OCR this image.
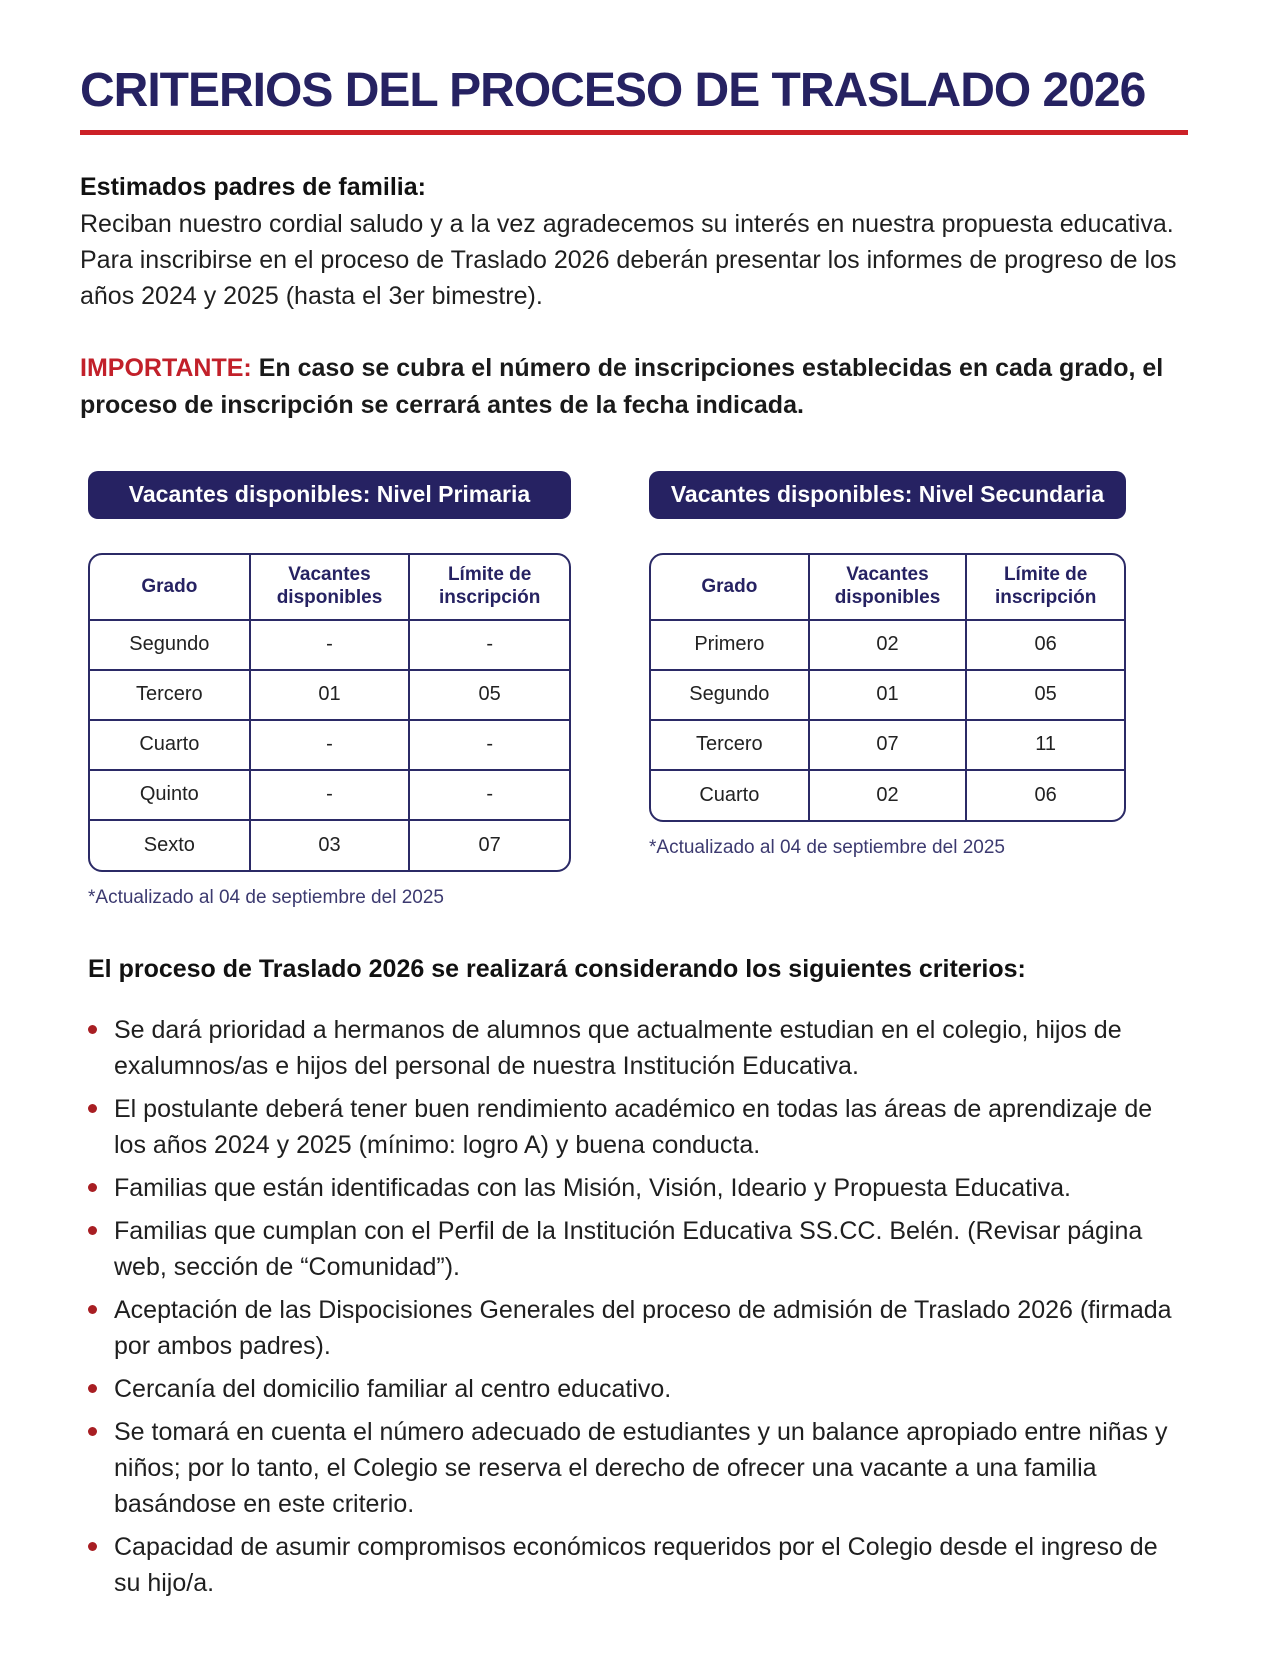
CRITERIOS DEL PROCESO DE TRASLADO 2026

Estimados padres de familia:

Reciban nuestro cordial saludo y a la vez agradecemos su interés en nuestra propuesta educativa.

Para inscribirse en el proceso de Traslado 2026 deberán presentar los informes de progreso de los años 2024 y 2025 (hasta el 3er bimestre).

IMPORTANTE: En caso se cubra el número de inscripciones establecidas en cada grado, el proceso de inscripción se cerrará antes de la fecha indicada.

Vacantes disponibles: Nivel Primaria
Grado	Vacantes disponibles	Límite de inscripción
Segundo	-	-
Tercero	01	05
Cuarto	-	-
Quinto	-	-
Sexto	03	07

*Actualizado al 04 de septiembre del 2025

Vacantes disponibles: Nivel Secundaria
Grado	Vacantes disponibles	Límite de inscripción
Primero	02	06
Segundo	01	05
Tercero	07	11
Cuarto	02	06

*Actualizado al 04 de septiembre del 2025

El proceso de Traslado 2026 se realizará considerando los siguientes criterios:
Se dará prioridad a hermanos de alumnos que actualmente estudian en el colegio, hijos de exalumnos/as e hijos del personal de nuestra Institución Educativa.
El postulante deberá tener buen rendimiento académico en todas las áreas de aprendizaje de los años 2024 y 2025 (mínimo: logro A) y buena conducta.
Familias que están identificadas con las Misión, Visión, Ideario y Propuesta Educativa.
Familias que cumplan con el Perfil de la Institución Educativa SS.CC. Belén. (Revisar página web, sección de “Comunidad”).
Aceptación de las Dispocisiones Generales del proceso de admisión de Traslado 2026 (firmada por ambos padres).
Cercanía del domicilio familiar al centro educativo.
Se tomará en cuenta el número adecuado de estudiantes y un balance apropiado entre niñas y niños; por lo tanto, el Colegio se reserva el derecho de ofrecer una vacante a una familia basándose en este criterio.
Capacidad de asumir compromisos económicos requeridos por el Colegio desde el ingreso de su hijo/a.
